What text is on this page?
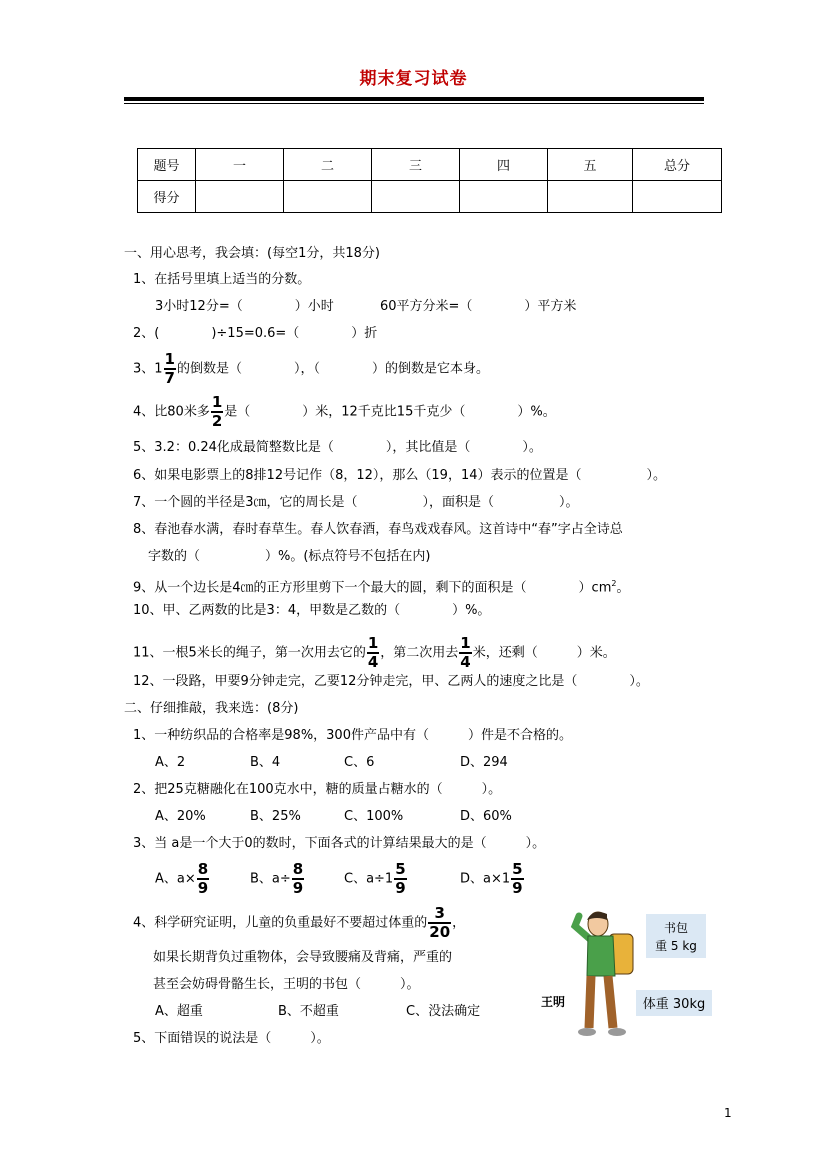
期末复习试卷
题号	一	二	三	四	五	总分
得分						
一、用心思考，我会填：(每空1分，共18分)
1、在括号里填上适当的分数。
3小时12分=（　　　　）小时	60平方分米=（　　　　）平方米
2、(　　　　)÷15=0.6=（　　　　）折
3、$1 \frac{1}{7}$ 的倒数是（　　　　），（　　　　）的倒数是它本身。
4、比80米多 $\frac{1}{2}$ 是（　　　　）米，12千克比15千克少（　　　　）%。
5、3.2：0.24化成最简整数比是（　　　　），其比值是（　　　　）。
6、如果电影票上的8排12号记作（8，12），那么（19，14）表示的位置是（　　　　　）。
7、一个圆的半径是3㎝，它的周长是（　　　　　），面积是（　　　　　）。
8、春池春水满，春时春草生。春人饮春酒，春鸟戏戏春风。这首诗中“春”字占全诗总
字数的（　　　　　）%。(标点符号不包括在内)
9、从一个边长是4㎝的正方形里剪下一个最大的圆，剩下的面积是（　　　　）$cm^2$。
10、甲、乙两数的比是3：4，甲数是乙数的（　　　　）%。
11、一根5米长的绳子，第一次用去它的 $\frac{1}{4}$ ，第二次用去 $\frac{1}{4}$ 米，还剩（　　　）米。
12、一段路，甲要9分钟走完，乙要12分钟走完，甲、乙两人的速度之比是（　　　　）。
二、仔细推敲，我来选：(8分)
1、一种纺织品的合格率是98%，300件产品中有（　　　）件是不合格的。
A、2	B、4	C、6	D、294
2、把25克糖融化在100克水中，糖的质量占糖水的（　　　）。
A、20%	B、25%	C、100%	D、60%
3、当 a是一个大于0的数时，下面各式的计算结果最大的是（　　　）。
A、$a\times \frac{8}{9}$	B、$a\div \frac{8}{9}$	C、$a\div 1 \frac{5}{9}$	D、$a\times 1 \frac{5}{9}$
4、科学研究证明，儿童的负重最好不要超过体重的 $\frac{3}{20}$ ，
如果长期背负过重物体，会导致腰痛及背痛，严重的
甚至会妨碍骨骼生长，王明的书包（　　　）。
A、超重	B、不超重	C、没法确定
5、下面错误的说法是（　　　）。
书包
重 5 kg
体重 30kg
王明
1
